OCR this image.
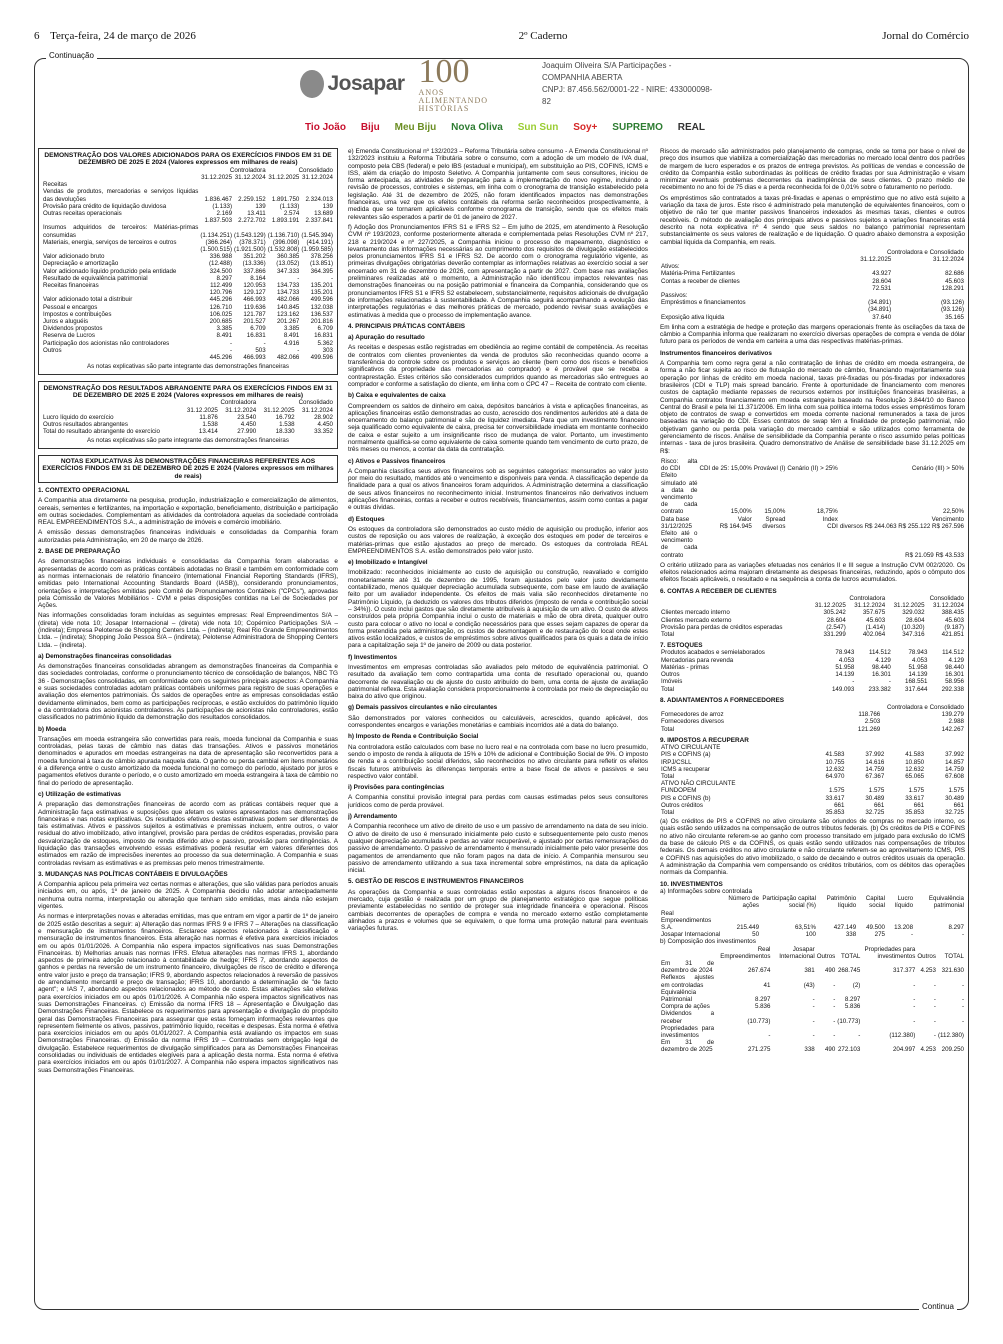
6 Terça-feira, 24 de março de 2026	2º Caderno	Jornal do Comércio
Continuação
Continua
Josapar 100
ANOS
ALIMENTANDO HISTÓRIAS
Joaquim Oliveira S/A Participações - COMPANHIA ABERTA
CNPJ: 87.456.562/0001-22 - NIRE: 433000098-82
Tio João Biju Meu Biju Nova Oliva Sun Sun Soy+ SUPREMO REAL
DEMONSTRAÇÃO DOS VALORES ADICIONADOS PARA OS EXERCÍCIOS FINDOS EM 31 DE DEZEMBRO DE 2025 E 2024 (Valores expressos em milhares de reais)
	Controladora		Consolidado	
	31.12.2025	31.12.2024	31.12.2025	31.12.2024
Receitas				
Vendas de produtos, mercadorias e serviços líquidas das devoluções	1.836.467	2.259.152	1.891.750	2.324.013
Provisão para crédito de liquidação duvidosa	(1.133)	139	(1.133)	139
Outras receitas operacionais	2.169	13.411	2.574	13.689
	1.837.503	2.272.702	1.893.191	2.337.841
Insumos adquiridos de terceiros: Matérias-primas consumidas	(1.134.251)	(1.543.129)	(1.136.710)	(1.545.394)
Materiais, energia, serviços de terceiros e outros	(366.264)	(378.371)	(396.098)	(414.191)
	(1.500.515)	(1.921.500)	(1.532.808)	(1.959.585)
Valor adicionado bruto	336.988	351.202	360.385	378.256
Depreciação e amortização	(12.488)	(13.336)	(13.052)	(13.851)
Valor adicionado líquido produzido pela entidade	324.500	337.866	347.333	364.395
Resultado de equivalência patrimonial	8.297	8.164	-	-
Receitas financeiras	112.499	120.953	134.733	135.201
	120.796	129.127	134.733	135.201
Valor adicionado total a distribuir	445.296	466.993	482.066	499.596
Pessoal e encargos	126.710	119.636	140.845	132.038
Impostos e contribuições	106.025	121.787	123.162	136.537
Juros e aluguéis	200.685	201.527	201.267	201.816
Dividendos propostos	3.385	6.709	3.385	6.709
Reserva de Lucros	8.491	16.831	8.491	16.831
Participação dos acionistas não controladores	-	-	4.916	5.362
Outros	-	503	-	303
	445.296	466.993	482.066	499.596
As notas explicativas são parte integrante das demonstrações financeiras
DEMONSTRAÇÃO DOS RESULTADOS ABRANGENTE PARA OS EXERCÍCIOS FINDOS EM 31 DE DEZEMBRO DE 2025 E 2024 (Valores expressos em milhares de reais)
	Controladora		Consolidado	
	31.12.2025	31.12.2024	31.12.2025	31.12.2024
Lucro líquido do exercício	11.876	23.540	16.792	28.902
Outros resultados abrangentes	1.538	4.450	1.538	4.450
Total do resultado abrangente do exercício	13.414	27.990	18.330	33.352
As notas explicativas são parte integrante das demonstrações financeiras
NOTAS EXPLICATIVAS ÀS DEMONSTRAÇÕES FINANCEIRAS REFERENTES AOS EXERCÍCIOS FINDOS EM 31 DE DEZEMBRO DE 2025 E 2024 (Valores expressos em milhares de reais)

1. CONTEXTO OPERACIONAL

A Companhia atua diretamente na pesquisa, produção, industrialização e comercialização de alimentos, cereais, sementes e fertilizantes, na importação e exportação, beneficiamento, distribuição e participação em outras sociedades. Complementam as atividades da controladora aquelas da sociedade controlada REAL EMPREENDIMENTOS S.A., a administração de imóveis e comércio imobiliário.

A emissão dessas demonstrações financeiras individuais e consolidadas da Companhia foram autorizadas pela Administração, em 20 de março de 2026.

2. BASE DE PREPARAÇÃO

As demonstrações financeiras individuais e consolidadas da Companhia foram elaboradas e apresentadas de acordo com as práticas contábeis adotadas no Brasil e também em conformidade com as normas internacionais de relatório financeiro (International Financial Reporting Standards (IFRS), emitidas pelo International Accounting Standards Board (IASB)), considerando pronunciamentos, orientações e interpretações emitidas pelo Comitê de Pronunciamentos Contábeis ("CPCs"), aprovadas pela Comissão de Valores Mobiliários - CVM e pelas disposições contidas na Lei de Sociedades por Ações.

Nas informações consolidadas foram incluídas as seguintes empresas: Real Empreendimentos S/A – (direta) vide nota 10; Josapar Internacional – (direta) vide nota 10; Copérnico Participações S/A – (indireta); Empresa Pelotense de Shopping Centers Ltda. – (indireta); Real Rio Grande Empreendimentos Ltda. – (indireta); Shopping João Pessoa S/A – (indireta); Pelotense Administradora de Shopping Centers Ltda. – (indireta).

a) Demonstrações financeiras consolidadas

As demonstrações financeiras consolidadas abrangem as demonstrações financeiras da Companhia e das sociedades controladas, conforme o pronunciamento técnico de consolidação de balanços, NBC TG 36 - Demonstrações consolidadas, em conformidade com os seguintes principais aspectos: A Companhia e suas sociedades controladas adotam práticas contábeis uniformes para registro de suas operações e avaliação dos elementos patrimoniais. Os saldos de operações entre as empresas consolidadas estão devidamente eliminados, bem como as participações recíprocas, e estão excluídos do patrimônio líquido e da controladora dos acionistas controladores. As participações de acionistas não controladores, estão classificados no patrimônio líquido da demonstração dos resultados consolidados.

b) Moeda

Transações em moeda estrangeira são convertidas para reais, moeda funcional da Companhia e suas controladas, pelas taxas de câmbio nas datas das transações. Ativos e passivos monetários denominados e apurados em moedas estrangeiras na data de apresentação são reconvertidos para a moeda funcional à taxa de câmbio apurada naquela data. O ganho ou perda cambial em itens monetários é a diferença entre o custo amortizado da moeda funcional no começo do período, ajustado por juros e pagamentos efetivos durante o período, e o custo amortizado em moeda estrangeira à taxa de câmbio no final do período de apresentação.

c) Utilização de estimativas

A preparação das demonstrações financeiras de acordo com as práticas contábeis requer que a Administração faça estimativas e suposições que afetam os valores apresentados nas demonstrações financeiras e nas notas explicativas. Os resultados efetivos destas estimativas podem ser diferentes de tais estimativas. Ativos e passivos sujeitos a estimativas e premissas incluem, entre outros, o valor residual do ativo imobilizado, ativo intangível, provisão para perdas de créditos esperadas, provisão para desvalorização de estoques, imposto de renda diferido ativo e passivo, provisão para contingências. A liquidação das transações envolvendo essas estimativas poderá resultar em valores diferentes dos estimados em razão de imprecisões inerentes ao processo da sua determinação. A Companhia e suas controladas revisam as estimativas e as premissas pelo menos trimestralmente.

3. MUDANÇAS NAS POLÍTICAS CONTÁBEIS E DIVULGAÇÕES

A Companhia aplicou pela primeira vez certas normas e alterações, que são válidas para períodos anuais iniciados em, ou após, 1º de janeiro de 2025. A Companhia decidiu não adotar antecipadamente nenhuma outra norma, interpretação ou alteração que tenham sido emitidas, mas ainda não estejam vigentes.

As normas e interpretações novas e alteradas emitidas, mas que entram em vigor a partir de 1º de janeiro de 2025 estão descritas a seguir: a) Alteração das normas IFRS 9 e IFRS 7 – Alterações na classificação e mensuração de instrumentos financeiros. Esclarece aspectos relacionados à classificação e mensuração de instrumentos financeiros. Esta alteração nas normas é efetiva para exercícios iniciados em ou após 01/01/2026. A Companhia não espera impactos significativos nas suas Demonstrações Financeiras. b) Melhorias anuais nas normas IFRS. Efetua alterações nas normas IFRS 1, abordando aspectos de primeira adoção relacionado à contabilidade de hedge; IFRS 7, abordando aspectos de ganhos e perdas na reversão de um instrumento financeiro, divulgações de risco de crédito e diferença entre valor justo e preço da transação; IFRS 9, abordando aspectos relacionados à reversão de passivos de arrendamento mercantil e preço de transação; IFRS 10, abordando a determinação de "de facto agent"; e IAS 7, abordando aspectos relacionados ao método de custo. Estas alterações são efetivas para exercícios iniciados em ou após 01/01/2026. A Companhia não espera impactos significativos nas suas Demonstrações Financeiras. c) Emissão da norma IFRS 18 – Apresentação e Divulgação das Demonstrações Financeiras. Estabelece os requerimentos para apresentação e divulgação do propósito geral das Demonstrações Financeiras para assegurar que estas forneçam informações relevantes que representem fielmente os ativos, passivos, patrimônio líquido, receitas e despesas. Esta norma é efetiva para exercícios iniciados em ou após 01/01/2027. A Companhia está avaliando os impactos em suas Demonstrações Financeiras. d) Emissão da norma IFRS 19 – Controladas sem obrigação legal de divulgação. Estabelece requerimentos de divulgação simplificados para as Demonstrações Financeiras consolidadas ou individuais de entidades elegíveis para a aplicação desta norma. Esta norma é efetiva para exercícios iniciados em ou após 01/01/2027. A Companhia não espera impactos significativos nas suas Demonstrações Financeiras.

e) Emenda Constitucional nº 132/2023 – Reforma Tributária sobre consumo - A Emenda Constitucional nº 132/2023 instituiu a Reforma Tributária sobre o consumo, com a adoção de um modelo de IVA dual, composto pela CBS (federal) e pelo IBS (estadual e municipal), em substituição ao PIS, COFINS, ICMS e ISS, além da criação do Imposto Seletivo. A Companhia juntamente com seus consultores, iniciou de forma antecipada, as atividades de preparação para a implementação do novo regime, incluindo a revisão de processos, controles e sistemas, em linha com o cronograma de transição estabelecido pela legislação. Até 31 de dezembro de 2025, não foram identificados impactos nas demonstrações financeiras, uma vez que os efeitos contábeis da reforma serão reconhecidos prospectivamente, à medida que se tornarem aplicáveis conforme cronograma de transição, sendo que os efeitos mais relevantes são esperados a partir de 01 de janeiro de 2027.

f) Adoção dos Pronunciamentos IFRS S1 e IFRS S2 – Em julho de 2025, em atendimento à Resolução CVM nº 193/2023, conforme posteriormente alterada e complementada pelas Resoluções CVM nº 217, 218 e 219/2024 e nº 227/2025, a Companhia iniciou o processo de mapeamento, diagnóstico e levantamento das informações necessárias ao cumprimento dos requisitos de divulgação estabelecidos pelos pronunciamentos IFRS S1 e IFRS S2. De acordo com o cronograma regulatório vigente, as primeiras divulgações obrigatórias deverão contemplar as informações relativas ao exercício social a ser encerrado em 31 de dezembro de 2026, com apresentação a partir de 2027. Com base nas avaliações preliminares realizadas até o momento, a Administração não identificou impactos relevantes nas demonstrações financeiras ou na posição patrimonial e financeira da Companhia, considerando que os pronunciamentos IFRS S1 e IFRS S2 estabelecem, substancialmente, requisitos adicionais de divulgação de informações relacionadas à sustentabilidade. A Companhia seguirá acompanhando a evolução das interpretações regulatórias e das melhores práticas de mercado, podendo revisar suas avaliações e estimativas à medida que o processo de implementação avance.

4. PRINCIPAIS PRÁTICAS CONTÁBEIS

a) Apuração do resultado

As receitas e despesas estão registradas em obediência ao regime contábil de competência. As receitas de contratos com clientes provenientes da venda de produtos são reconhecidas quando ocorre a transferência do controle sobre os produtos e serviços ao cliente (bem como dos riscos e benefícios significativos da propriedade das mercadorias ao comprador) e é provável que se receba a contraprestação. Estes critérios são considerados cumpridos quando as mercadorias são entregues ao comprador e conforme a satisfação do cliente, em linha com o CPC 47 – Receita de contrato com cliente.

b) Caixa e equivalentes de caixa

Compreendem os saldos de dinheiro em caixa, depósitos bancários à vista e aplicações financeiras, as aplicações financeiras estão demonstradas ao custo, acrescido dos rendimentos auferidos até a data de encerramento do balanço patrimonial e são de liquidez imediata. Para que um investimento financeiro seja qualificado como equivalente de caixa, precisa ter conversibilidade imediata em montante conhecido de caixa e estar sujeito a um insignificante risco de mudança de valor. Portanto, um investimento normalmente qualifica-se como equivalente de caixa somente quando tem vencimento de curto prazo, de três meses ou menos, a contar da data da contratação.

c) Ativos e Passivos financeiros

A Companhia classifica seus ativos financeiros sob as seguintes categorias: mensurados ao valor justo por meio do resultado, mantidos até o vencimento e disponíveis para venda. A classificação depende da finalidade para a qual os ativos financeiros foram adquiridos. A Administração determina a classificação de seus ativos financeiros no reconhecimento inicial. Instrumentos financeiros não derivativos incluem aplicações financeiras, contas a receber e outros recebíveis, financiamentos, assim como contas a pagar e outras dívidas.

d) Estoques

Os estoques da controladora são demonstrados ao custo médio de aquisição ou produção, inferior aos custos de reposição ou aos valores de realização, à exceção dos estoques em poder de terceiros e matérias-primas que estão ajustados ao preço de mercado. Os estoques da controlada REAL EMPREENDIMENTOS S.A. estão demonstrados pelo valor justo.

e) Imobilizado e Intangível

Imobilizado: reconhecidos inicialmente ao custo de aquisição ou construção, reavaliado e corrigido monetariamente até 31 de dezembro de 1995, foram ajustados pelo valor justo devidamente contabilizado, menos qualquer depreciação acumulada subsequente, com base em laudo de avaliação feito por um avaliador independente. Os efeitos de mais valia são reconhecidos diretamente no Patrimônio Líquido, (a deduzido os valores dos tributos diferidos (imposto de renda e contribuição social – 34%)). O custo inclui gastos que são diretamente atribuíveis à aquisição de um ativo. O custo de ativos construídos pela própria Companhia inclui o custo de materiais e mão de obra direta, qualquer outro custo para colocar o ativo no local e condição necessários para que esses sejam capazes de operar da forma pretendida pela administração, os custos de desmontagem e de restauração do local onde estes ativos estão localizados, e custos de empréstimos sobre ativos qualificados para os quais a data de início para a capitalização seja 1º de janeiro de 2009 ou data posterior.

f) Investimentos

Investimentos em empresas controladas são avaliados pelo método de equivalência patrimonial. O resultado da avaliação tem como contrapartida uma conta de resultado operacional ou, quando decorrente de reavaliação ou de ajuste do custo atribuído do bem, uma conta de ajuste de avaliação patrimonial reflexa. Esta avaliação considera proporcionalmente à controlada por meio de depreciação ou baixa do ativo que originou.

g) Demais passivos circulantes e não circulantes

São demonstrados por valores conhecidos ou calculáveis, acrescidos, quando aplicável, dos correspondentes encargos e variações monetárias e cambiais incorridos até a data do balanço.

h) Imposto de Renda e Contribuição Social

Na controladora estão calculados com base no lucro real e na controlada com base no lucro presumido, sendo o imposto de renda à alíquota de 15% e 10% de adicional e Contribuição Social de 9%. O imposto de renda e a contribuição social diferidos, são reconhecidos no ativo circulante para refletir os efeitos fiscais futuros atribuíveis às diferenças temporais entre a base fiscal de ativos e passivos e seu respectivo valor contábil.

i) Provisões para contingências

A Companhia constitui provisão integral para perdas com causas estimadas pelos seus consultores jurídicos como de perda provável.

j) Arrendamento

A Companhia reconhece um ativo de direito de uso e um passivo de arrendamento na data de seu início. O ativo de direito de uso é mensurado inicialmente pelo custo e subsequentemente pelo custo menos qualquer depreciação acumulada e perdas ao valor recuperável, e ajustado por certas remensurações do passivo de arrendamento. O passivo de arrendamento é mensurado inicialmente pelo valor presente dos pagamentos de arrendamento que não foram pagos na data de início. A Companhia mensurou seu passivo de arrendamento utilizando a sua taxa incremental sobre empréstimos, na data da aplicação inicial.

5. GESTÃO DE RISCOS E INSTRUMENTOS FINANCEIROS

As operações da Companhia e suas controladas estão expostas a alguns riscos financeiros e de mercado, cuja gestão é realizada por um grupo de planejamento estratégico que segue políticas previamente estabelecidas no sentido de proteger sua integridade financeira e operacional. Riscos cambiais decorrentes de operações de compra e venda no mercado externo estão completamente alinhados a prazos e volumes que se equivalem, o que forma uma proteção natural para eventuais variações futuras.

Riscos de mercado são administrados pelo planejamento de compras, onde se toma por base o nível de preço dos insumos que viabiliza a comercialização das mercadorias no mercado local dentro dos padrões de margem de lucro esperados e os prazos de entrega previstos. As políticas de vendas e concessão de crédito da Companhia estão subordinadas às políticas de crédito fixadas por sua Administração e visam minimizar eventuais problemas decorrentes da inadimplência de seus clientes. O prazo médio de recebimento no ano foi de 75 dias e a perda reconhecida foi de 0,01% sobre o faturamento no período.

Os empréstimos são contratados a taxas pré-fixadas e apenas o empréstimo que no ativo está sujeito a variação da taxa de juros. Este risco é administrado pela manutenção de equivalentes financeiros, com o objetivo de não ter que manter passivos financeiros indexados às mesmas taxas, clientes e outros recebíveis. O método de avaliação dos principais ativos e passivos sujeitos a variações financeiras está descrito na nota explicativa nº 4 sendo que seus saldos no balanço patrimonial representam substancialmente os seus valores de realização e de liquidação. O quadro abaixo demonstra a exposição cambial líquida da Companhia, em reais.

	Controladora e Consolidado	
	31.12.2025	31.12.2024
Ativos:		
Matéria-Prima Fertilizantes	43.927	82.686
Contas a receber de clientes	28.604	45.603
	72.531	128.291
Passivos:		
Empréstimos e financiamentos	(34.891)	(93.126)
	(34.891)	(93.126)
Exposição ativa líquida	37.640	35.165

Em linha com a estratégia de hedge e proteção das margens operacionais frente às oscilações da taxa de câmbio a Companhia informa que realizaram no exercício diversas operações de compra e venda de dólar futuro para os períodos de venda em carteira a uma das respectivas matérias-primas.

Instrumentos financeiros derivativos

A Companhia tem como regra geral a não contratação de linhas de crédito em moeda estrangeira, de forma a não ficar sujeita ao risco de flutuação do mercado de câmbio, financiando majoritariamente sua operação por linhas de crédito em moeda nacional, taxas pré-fixadas ou pós-fixadas por indexadores brasileiros (CDI e TLP) mais spread bancário. Frente à oportunidade de financiamento com menores custos de captação mediante repasses de recursos externos por instituições financeiras brasileiras, a Companhia contratou financiamento em moeda estrangeira baseado na Resolução 3.844/10 do Banco Central do Brasil e pela lei 11.371/2006. Em linha com sua política interna todos esses empréstimos foram objeto de contratos de swap e convertidos em moeda corrente nacional remunerados a taxa de juros baseadas na variação do CDI. Esses contratos de swap têm a finalidade de proteção patrimonial, não objetivam ganho ou perda pela variação do mercado cambial e são utilizados como ferramenta de gerenciamento de riscos. Análise de sensibilidade da Companhia perante o risco assumido pelas políticas internas - taxa de juros brasileira. Quadro demonstrativo de Análise de sensibilidade base 31.12.2025 em R$:

Risco: alta do CDI	CDI de 25: 15,00%	Provável (I)	Cenário (II) > 25%	Cenário (III) > 50%
Efeito simulado até a data de vencimento de cada contrato	15,00%	15,00%	18,75%	22,50%
Data base	Valor	Spread	Index	Vencimento
31/12/2025	R$ 164.945	diversos	CDI	diversos R$ 244.063 R$ 255.122 R$ 267.596
Efeito até o vencimento de cada contrato				R$ 21.059 R$ 43.533

O critério utilizado para as variações efetuadas nos cenários II e III segue a Instrução CVM 002/2020. Os efeitos relacionados acima majoram diretamente as despesas financeiras, reduzindo, após o cômputo dos efeitos fiscais aplicáveis, o resultado e na sequência a conta de lucros acumulados.

6. CONTAS A RECEBER DE CLIENTES
	Controladora		Consolidado	
	31.12.2025	31.12.2024	31.12.2025	31.12.2024
Clientes mercado interno	305.242	357.675	329.032	388.435
Clientes mercado externo	28.604	45.603	28.604	45.603
Provisão para perdas de créditos esperadas	(2.547)	(1.414)	(10.320)	(9.187)
Total	331.299	402.064	347.316	421.851
7. ESTOQUES
Produtos acabados e semielaborados	78.943	114.512	78.943	114.512
Mercadorias para revenda	4.053	4.129	4.053	4.129
Matérias - primas	51.958	98.440	51.958	98.440
Outros	14.139	16.301	14.139	16.301
Imóveis	-	-	168.551	58.956
Total	149.093	233.382	317.644	292.338
8. ADIANTAMENTOS A FORNECEDORES
	Controladora e Consolidado	
Fornecedores de arroz	118.766	139.279
Fornecedores diversos	2.503	2.988
Total	121.269	142.267
9. IMPOSTOS A RECUPERAR
ATIVO CIRCULANTE				
PIS e COFINS (a)	41.583	37.992	41.583	37.992
IRPJ/CSLL	10.755	14.616	10.850	14.857
ICMS a recuperar	12.632	14.759	12.632	14.759
Total	64.970	67.367	65.065	67.608
ATIVO NÃO CIRCULANTE				
FUNDOPEM	1.575	1.575	1.575	1.575
PIS e COFINS (b)	33.617	30.489	33.617	30.489
Outros créditos	661	661	661	661
Total	35.853	32.725	35.853	32.725

(a) Os créditos de PIS e COFINS no ativo circulante são oriundos de compras no mercado interno, os quais estão sendo utilizados na compensação de outros tributos federais. (b) Os créditos de PIS e COFINS no ativo não circulante referem-se ao ganho com processo transitado em julgado para exclusão do ICMS da base de cálculo PIS e da COFINS, os quais estão sendo utilizados nas compensações de tributos federais. Os demais créditos no ativo circulante e não circulante referem-se ao aproveitamento ICMS, PIS e COFINS nas aquisições do ativo imobilizado, o saldo de decaindo e outros créditos usuais da operação. A administração da Companhia vem compensando os créditos tributários, com os débitos das operações normais da Companhia.

10. INVESTIMENTOS
a) Informações sobre controlada
	Número de ações	Participação capital social (%)	Patrimônio líquido	Capital social	Lucro líquido	Equivalência patrimonial
Real Empreendimentos S.A.	215.449	63,51%	427.149	49.500	13.208	8.297
Josapar Internacional	50	100	338	275	-	-
b) Composição dos investimentos
	Real Empreendimentos	Josapar Internacional	Outros	TOTAL	Propriedades para investimentos	Outros	TOTAL
Em 31 de dezembro de 2024	267.674	381	490	268.745	317.377	4.253	321.630
Reflexos ajustes em controladas	41	(43)	-	(2)	-	-	-
Equivalência Patrimonial	8.297	-	-	8.297	-	-	-
Compra de ações	5.836	-	-	5.836	-	-	-
Dividendos a receber	(10.773)	-	-	(10.773)	-	-	-
Propriedades para investimentos	-	-	-	-	(112.380)	-	(112.380)
Em 31 de dezembro de 2025	271.275	338	490	272.103	204.997	4.253	209.250
